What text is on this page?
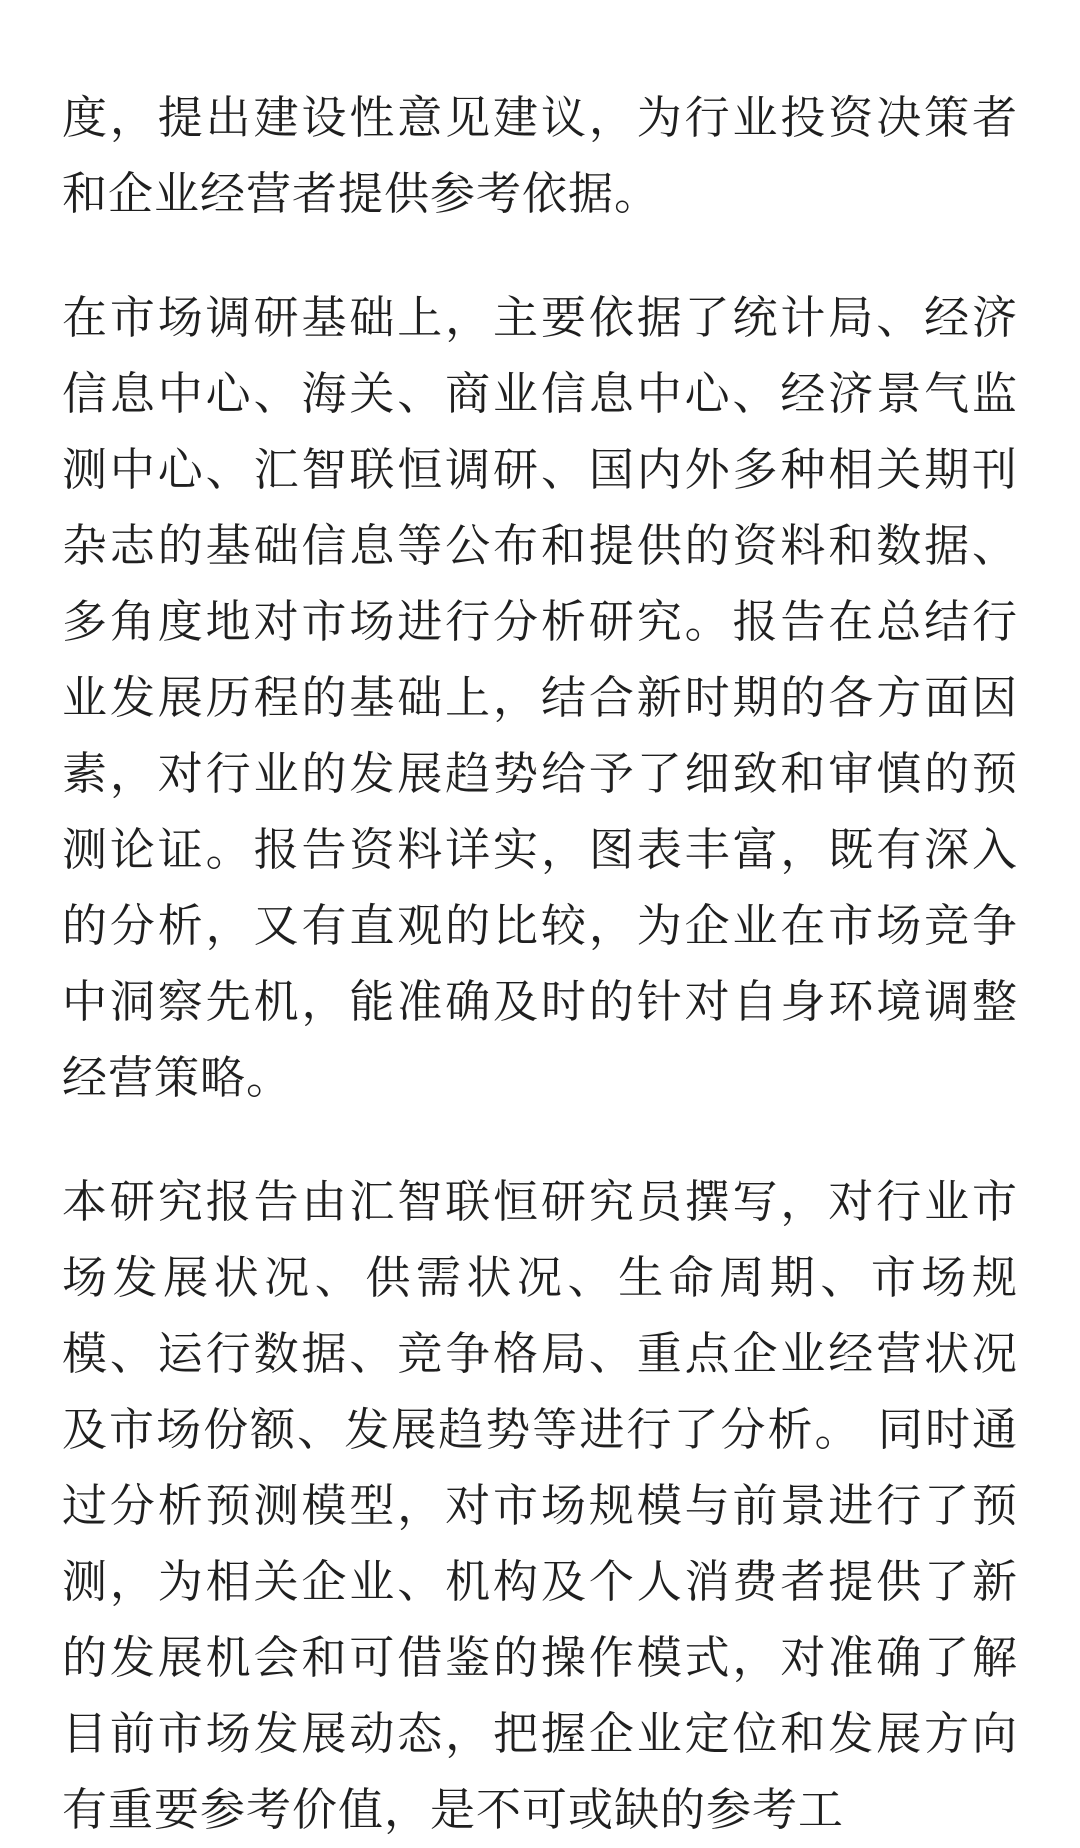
度，提出建设性意见建议，为行业投资决策者和企业经营者提供参考依据。

在市场调研基础上，主要依据了统计局、经济信息中心、海关、商业信息中心、经济景气监测中心、汇智联恒调研、国内外多种相关期刊杂志的基础信息等公布和提供的资料和数据、多角度地对市场进行分析研究。报告在总结行业发展历程的基础上，结合新时期的各方面因素，对行业的发展趋势给予了细致和审慎的预测论证。报告资料详实，图表丰富，既有深入的分析，又有直观的比较，为企业在市场竞争中洞察先机，能准确及时的针对自身环境调整经营策略。

本研究报告由汇智联恒研究员撰写，对行业市场发展状况、供需状况、生命周期、市场规模、运行数据、竞争格局、重点企业经营状况及市场份额、发展趋势等进行了分析。 同时通过分析预测模型，对市场规模与前景进行了预测，为相关企业、机构及个人消费者提供了新的发展机会和可借鉴的操作模式，对准确了解目前市场发展动态，把握企业定位和发展方向有重要参考价值，是不可或缺的参考工
